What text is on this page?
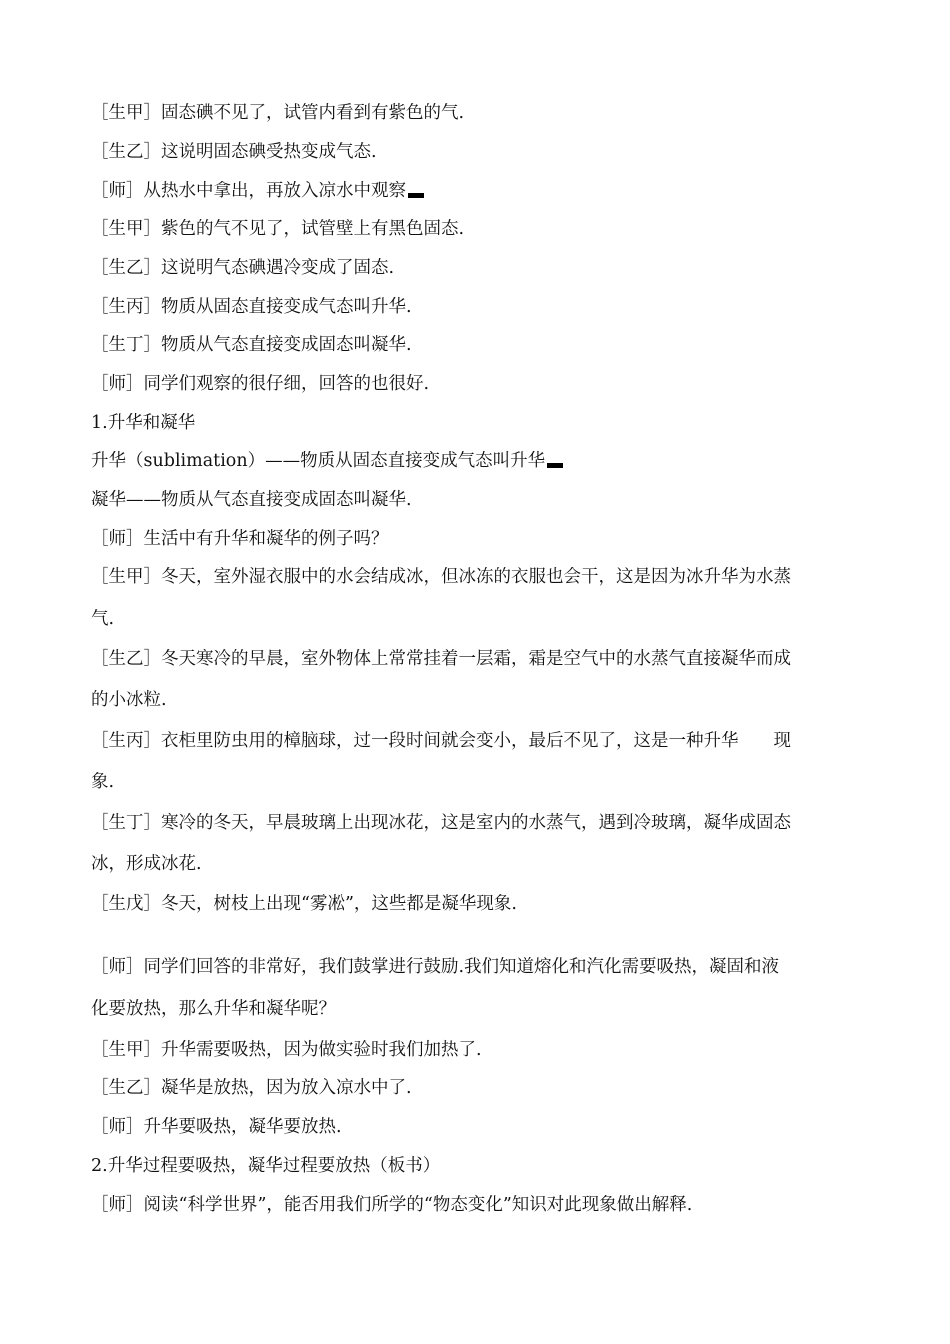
［生甲］固态碘不见了，试管内看到有紫色的气.
［生乙］这说明固态碘受热变成气态.
［师］从热水中拿出，再放入凉水中观察
［生甲］紫色的气不见了，试管壁上有黑色固态.
［生乙］这说明气态碘遇冷变成了固态.
［生丙］物质从固态直接变成气态叫升华.
［生丁］物质从气态直接变成固态叫凝华.
［师］同学们观察的很仔细，回答的也很好.
1.升华和凝华
升华（sublimation）——物质从固态直接变成气态叫升华
凝华——物质从气态直接变成固态叫凝华.
［师］生活中有升华和凝华的例子吗？
［生甲］冬天，室外湿衣服中的水会结成冰，但冰冻的衣服也会干，这是因为冰升华为水蒸
气.
［生乙］冬天寒冷的早晨，室外物体上常常挂着一层霜，霜是空气中的水蒸气直接凝华而成
的小冰粒.
［生丙］衣柜里防虫用的樟脑球，过一段时间就会变小，最后不见了，这是一种升华　　现
象.
［生丁］寒冷的冬天，早晨玻璃上出现冰花，这是室内的水蒸气，遇到冷玻璃，凝华成固态
冰，形成冰花.
［生戊］冬天，树枝上出现“雾凇”，这些都是凝华现象.
［师］同学们回答的非常好，我们鼓掌进行鼓励.我们知道熔化和汽化需要吸热，凝固和液
化要放热，那么升华和凝华呢？
［生甲］升华需要吸热，因为做实验时我们加热了.
［生乙］凝华是放热，因为放入凉水中了.
［师］升华要吸热，凝华要放热.
2.升华过程要吸热，凝华过程要放热（板书）
［师］阅读“科学世界”，能否用我们所学的“物态变化”知识对此现象做出解释.
